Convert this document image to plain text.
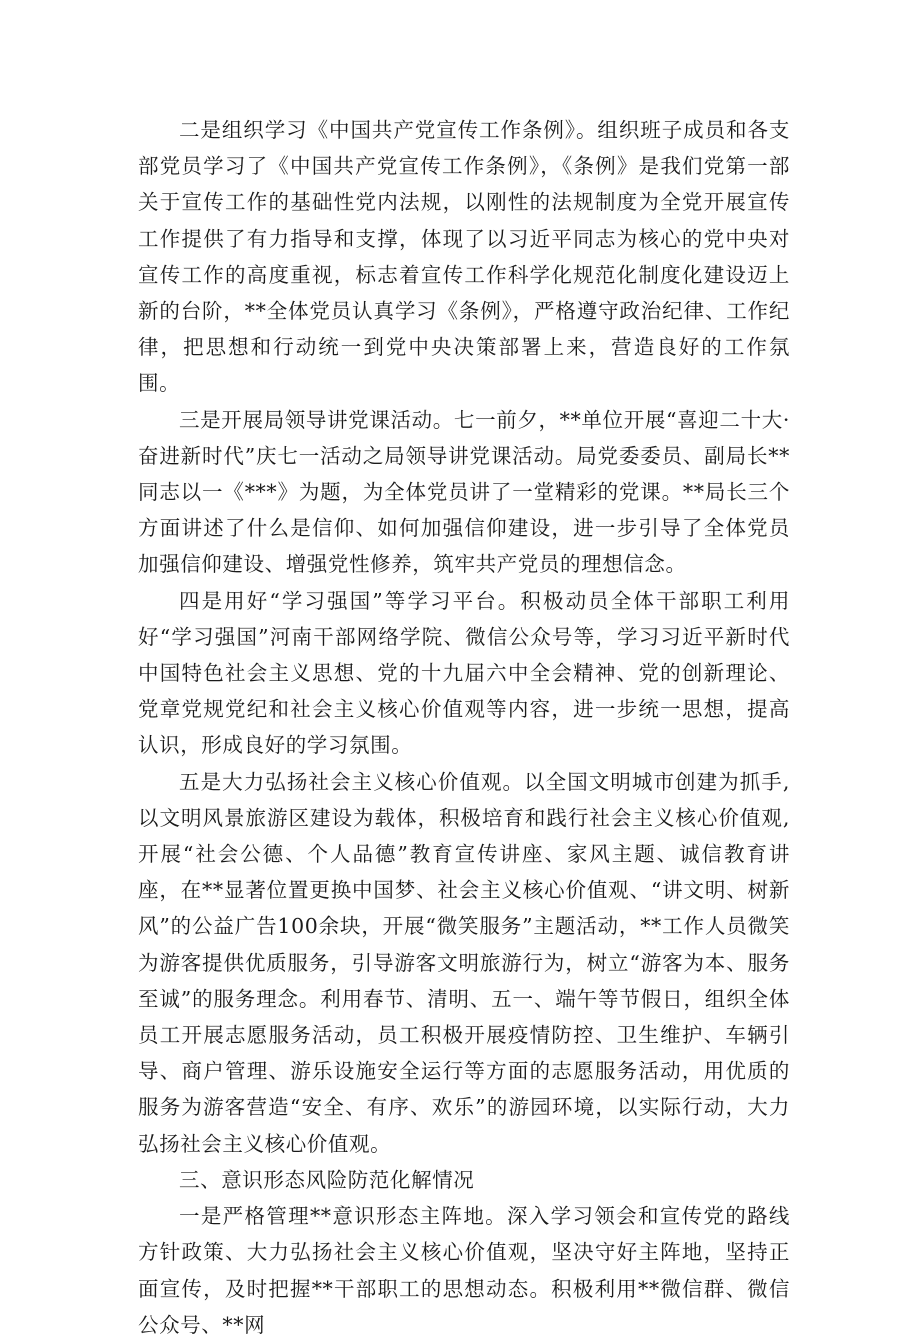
二是组织学习《中国共产党宣传工作条例》。组织班子成员和各支部党员学习了《中国共产党宣传工作条例》，《条例》是我们党第一部关于宣传工作的基础性党内法规，以刚性的法规制度为全党开展宣传工作提供了有力指导和支撑，体现了以习近平同志为核心的党中央对宣传工作的高度重视，标志着宣传工作科学化规范化制度化建设迈上新的台阶，**全体党员认真学习《条例》，严格遵守政治纪律、工作纪律，把思想和行动统一到党中央决策部署上来，营造良好的工作氛围。

三是开展局领导讲党课活动。七一前夕，**单位开展“喜迎二十大·奋进新时代”庆七一活动之局领导讲党课活动。局党委委员、副局长**同志以一《***》为题，为全体党员讲了一堂精彩的党课。**局长三个方面讲述了什么是信仰、如何加强信仰建设，进一步引导了全体党员加强信仰建设、增强党性修养，筑牢共产党员的理想信念。

四是用好“学习强国”等学习平台。积极动员全体干部职工利用好“学习强国”河南干部网络学院、微信公众号等，学习习近平新时代中国特色社会主义思想、党的十九届六中全会精神、党的创新理论、党章党规党纪和社会主义核心价值观等内容，进一步统一思想，提高认识，形成良好的学习氛围。

五是大力弘扬社会主义核心价值观。以全国文明城市创建为抓手,以文明风景旅游区建设为载体，积极培育和践行社会主义核心价值观,开展“社会公德、个人品德”教育宣传讲座、家风主题、诚信教育讲座，在**显著位置更换中国梦、社会主义核心价值观、“讲文明、树新风”的公益广告100余块，开展“微笑服务”主题活动，**工作人员微笑为游客提供优质服务，引导游客文明旅游行为，树立“游客为本、服务至诚”的服务理念。利用春节、清明、五一、端午等节假日，组织全体员工开展志愿服务活动，员工积极开展疫情防控、卫生维护、车辆引导、商户管理、游乐设施安全运行等方面的志愿服务活动，用优质的服务为游客营造“安全、有序、欢乐”的游园环境，以实际行动，大力弘扬社会主义核心价值观。

三、意识形态风险防范化解情况

一是严格管理**意识形态主阵地。深入学习领会和宣传党的路线方针政策、大力弘扬社会主义核心价值观，坚决守好主阵地，坚持正面宣传，及时把握**干部职工的思想动态。积极利用**微信群、微信公众号、**网
